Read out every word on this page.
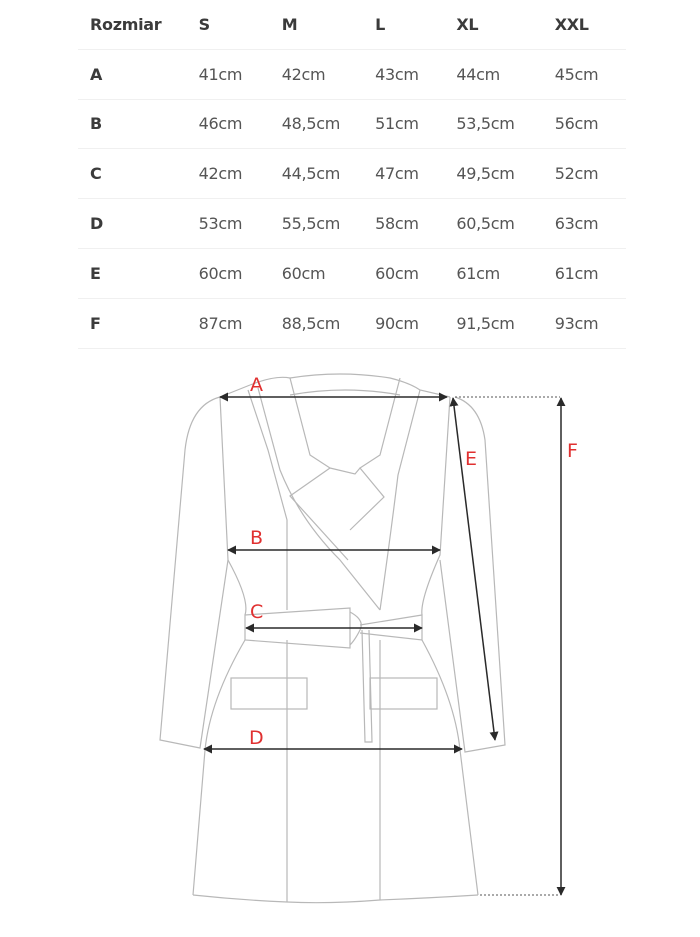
Rozmiar	S	M	L	XL	XXL
A	41cm	42cm	43cm	44cm	45cm
B	46cm	48,5cm	51cm	53,5cm	56cm
C	42cm	44,5cm	47cm	49,5cm	52cm
D	53cm	55,5cm	58cm	60,5cm	63cm
E	60cm	60cm	60cm	61cm	61cm
F	87cm	88,5cm	90cm	91,5cm	93cm
A
B
C
D
E	F
